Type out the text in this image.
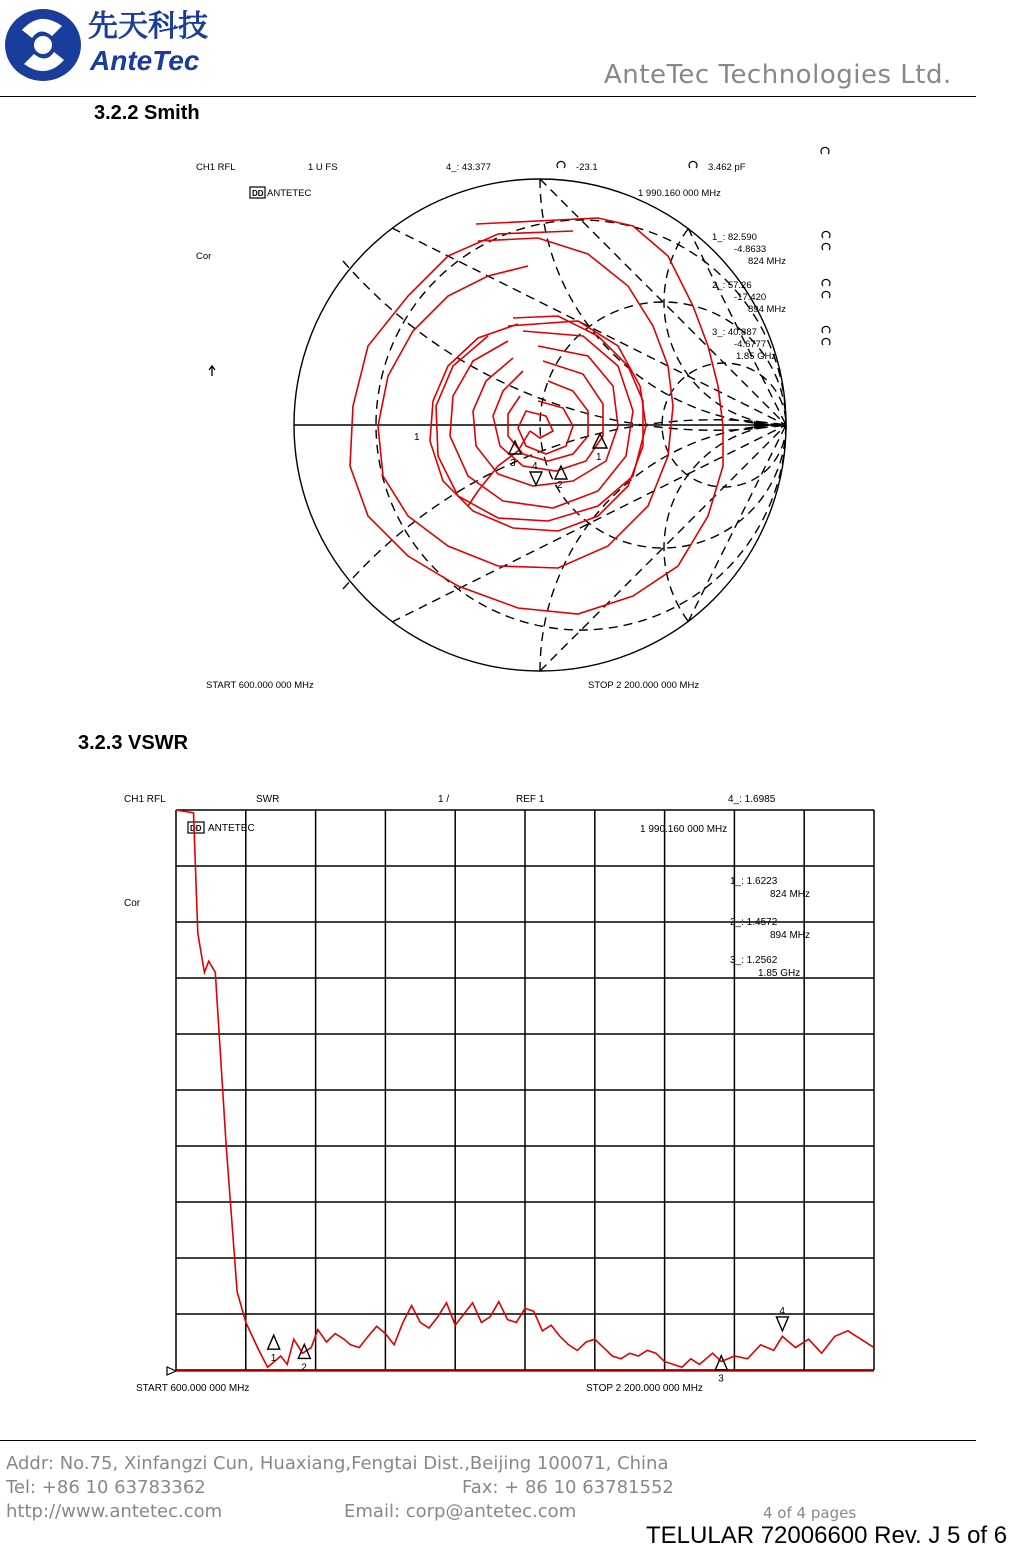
先天科技
AnteTec	AnteTec Technologies Ltd.
3.2.2 Smith
1
2
3 4
1
CH1 RFL	1 U FS	4_: 43.377	-23.1	3.462 pF
ANTETEC	1 990.160 000 MHz
Cor
1_: 82.590
-4.8633
824 MHz
2_: 57.26
-17.420
894 MHz
3_: 40.887
-4.6777
1.85 GHz
START 600.000 000 MHz	STOP 2 200.000 000 MHz
DD
3.2.3 VSWR
CH1 RFL	SWR	1 /	REF 1	4_: 1.6985
ANTETEC	1 990.160 000 MHz
Cor
1_: 1.6223
824 MHz
2_: 1.4572
894 MHz
3_: 1.2562
1.85 GHz
START 600.000 000 MHz	STOP 2 200.000 000 MHz
DD
1
2
3
4
Addr: No.75, Xinfangzi Cun, Huaxiang,Fengtai Dist.,Beijing 100071, China
Tel: +86 10 63783362	Fax: + 86 10 63781552
http://www.antetec.com	Email: corp@antetec.com	4 of 4 pages
TELULAR 72006600 Rev. J 5 of 6
